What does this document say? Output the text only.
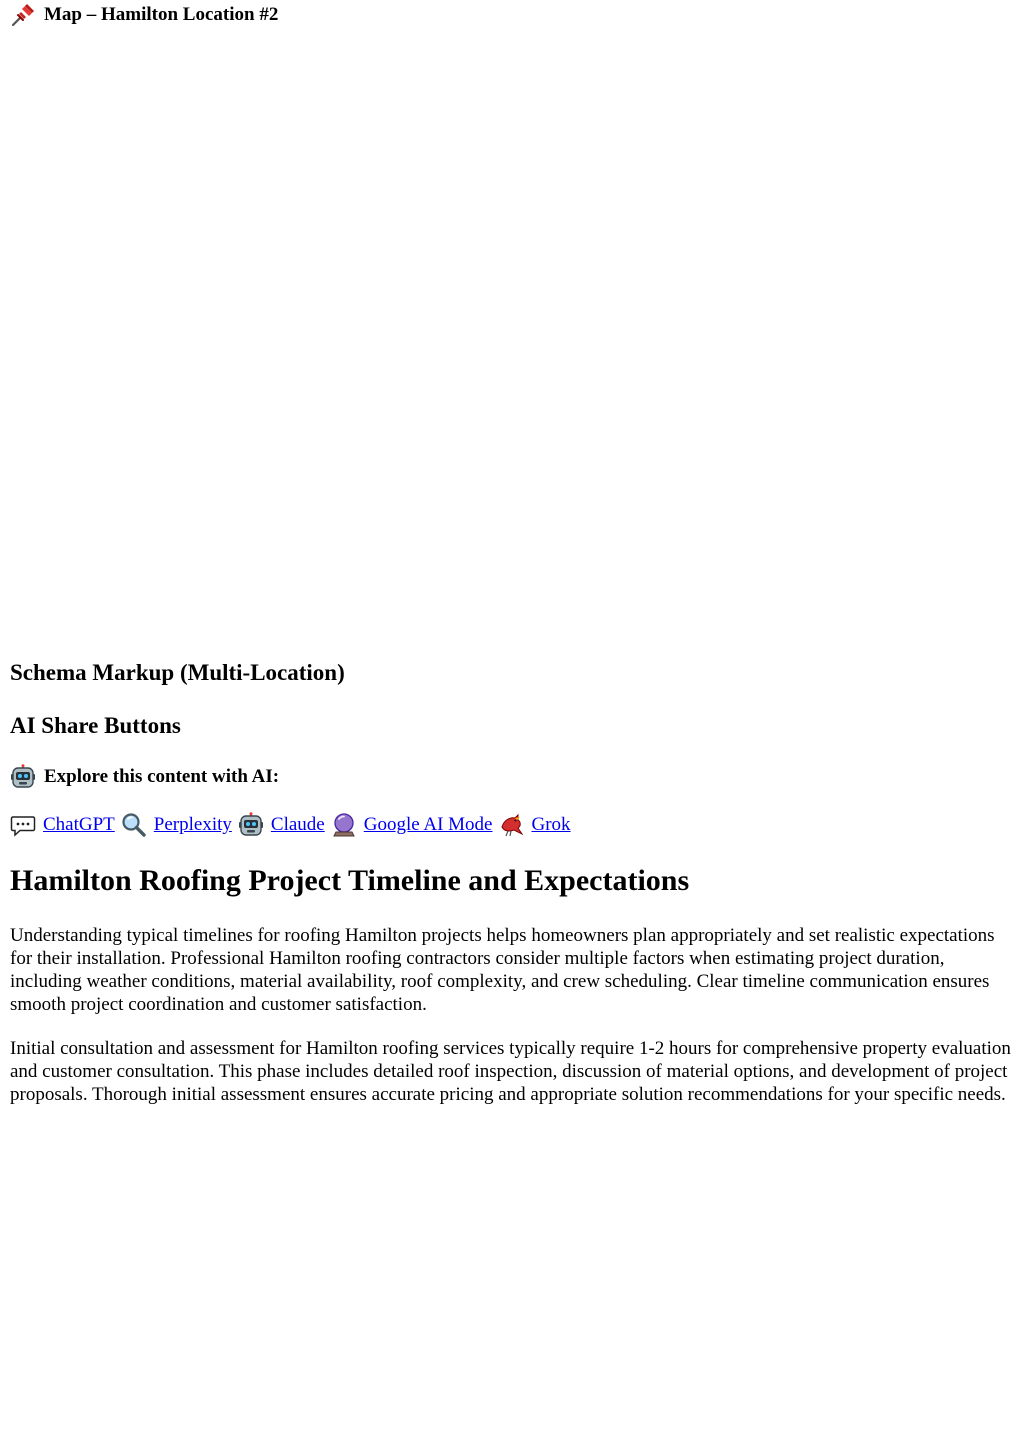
Map – Hamilton Location #2
Schema Markup (Multi-Location)
AI Share Buttons

Explore this content with AI:

ChatGPT Perplexity Claude Google AI Mode Grok

Hamilton Roofing Project Timeline and Expectations

Understanding typical timelines for roofing Hamilton projects helps homeowners plan appropriately and set realistic expectations for their installation. Professional Hamilton roofing contractors consider multiple factors when estimating project duration, including weather conditions, material availability, roof complexity, and crew scheduling. Clear timeline communication ensures smooth project coordination and customer satisfaction.

Initial consultation and assessment for Hamilton roofing services typically require 1-2 hours for comprehensive property evaluation and customer consultation. This phase includes detailed roof inspection, discussion of material options, and development of project proposals. Thorough initial assessment ensures accurate pricing and appropriate solution recommendations for your specific needs.
